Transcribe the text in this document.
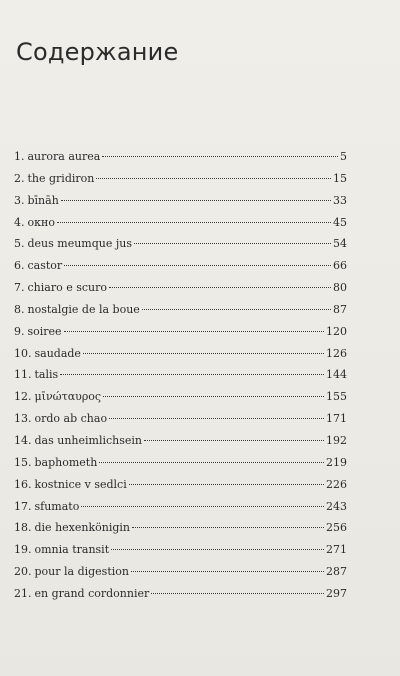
Содержание
1. aurora aurea	5
2. the gridiron	15
3. bīnāh	33
4. окно	45
5. deus meumque jus	54
6. castor	66
7. chiaro e scuro	80
8. nostalgie de la boue	87
9. soiree	120
10. saudade	126
11. talis	144
12. μῑνώταυρος	155
13. ordo ab chao	171
14. das unheimlichsein	192
15. baphometh	219
16. kostnice v sedlci	226
17. sfumato	243
18. die hexenkönigin	256
19. omnia transit	271
20. pour la digestion	287
21. en grand cordonnier	297
